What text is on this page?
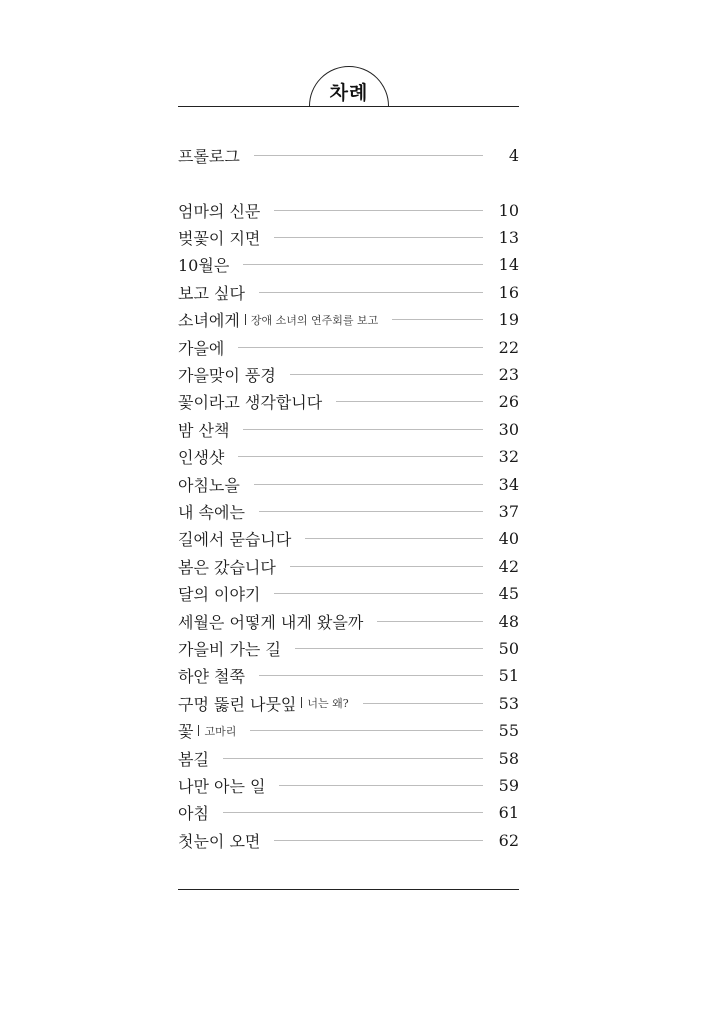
차례
프롤로그	4
엄마의 신문	10
벚꽃이 지면	13
10월은	14
보고 싶다	16
소녀에게	장애 소녀의 연주회를 보고	19
가을에	22
가을맞이 풍경	23
꽃이라고 생각합니다	26
밤 산책	30
인생샷	32
아침노을	34
내 속에는	37
길에서 묻습니다	40
봄은 갔습니다	42
달의 이야기	45
세월은 어떻게 내게 왔을까	48
가을비 가는 길	50
하얀 철쭉	51
구멍 뚫린 나뭇잎	너는 왜?	53
꽃	고마리	55
봄길	58
나만 아는 일	59
아침	61
첫눈이 오면	62
